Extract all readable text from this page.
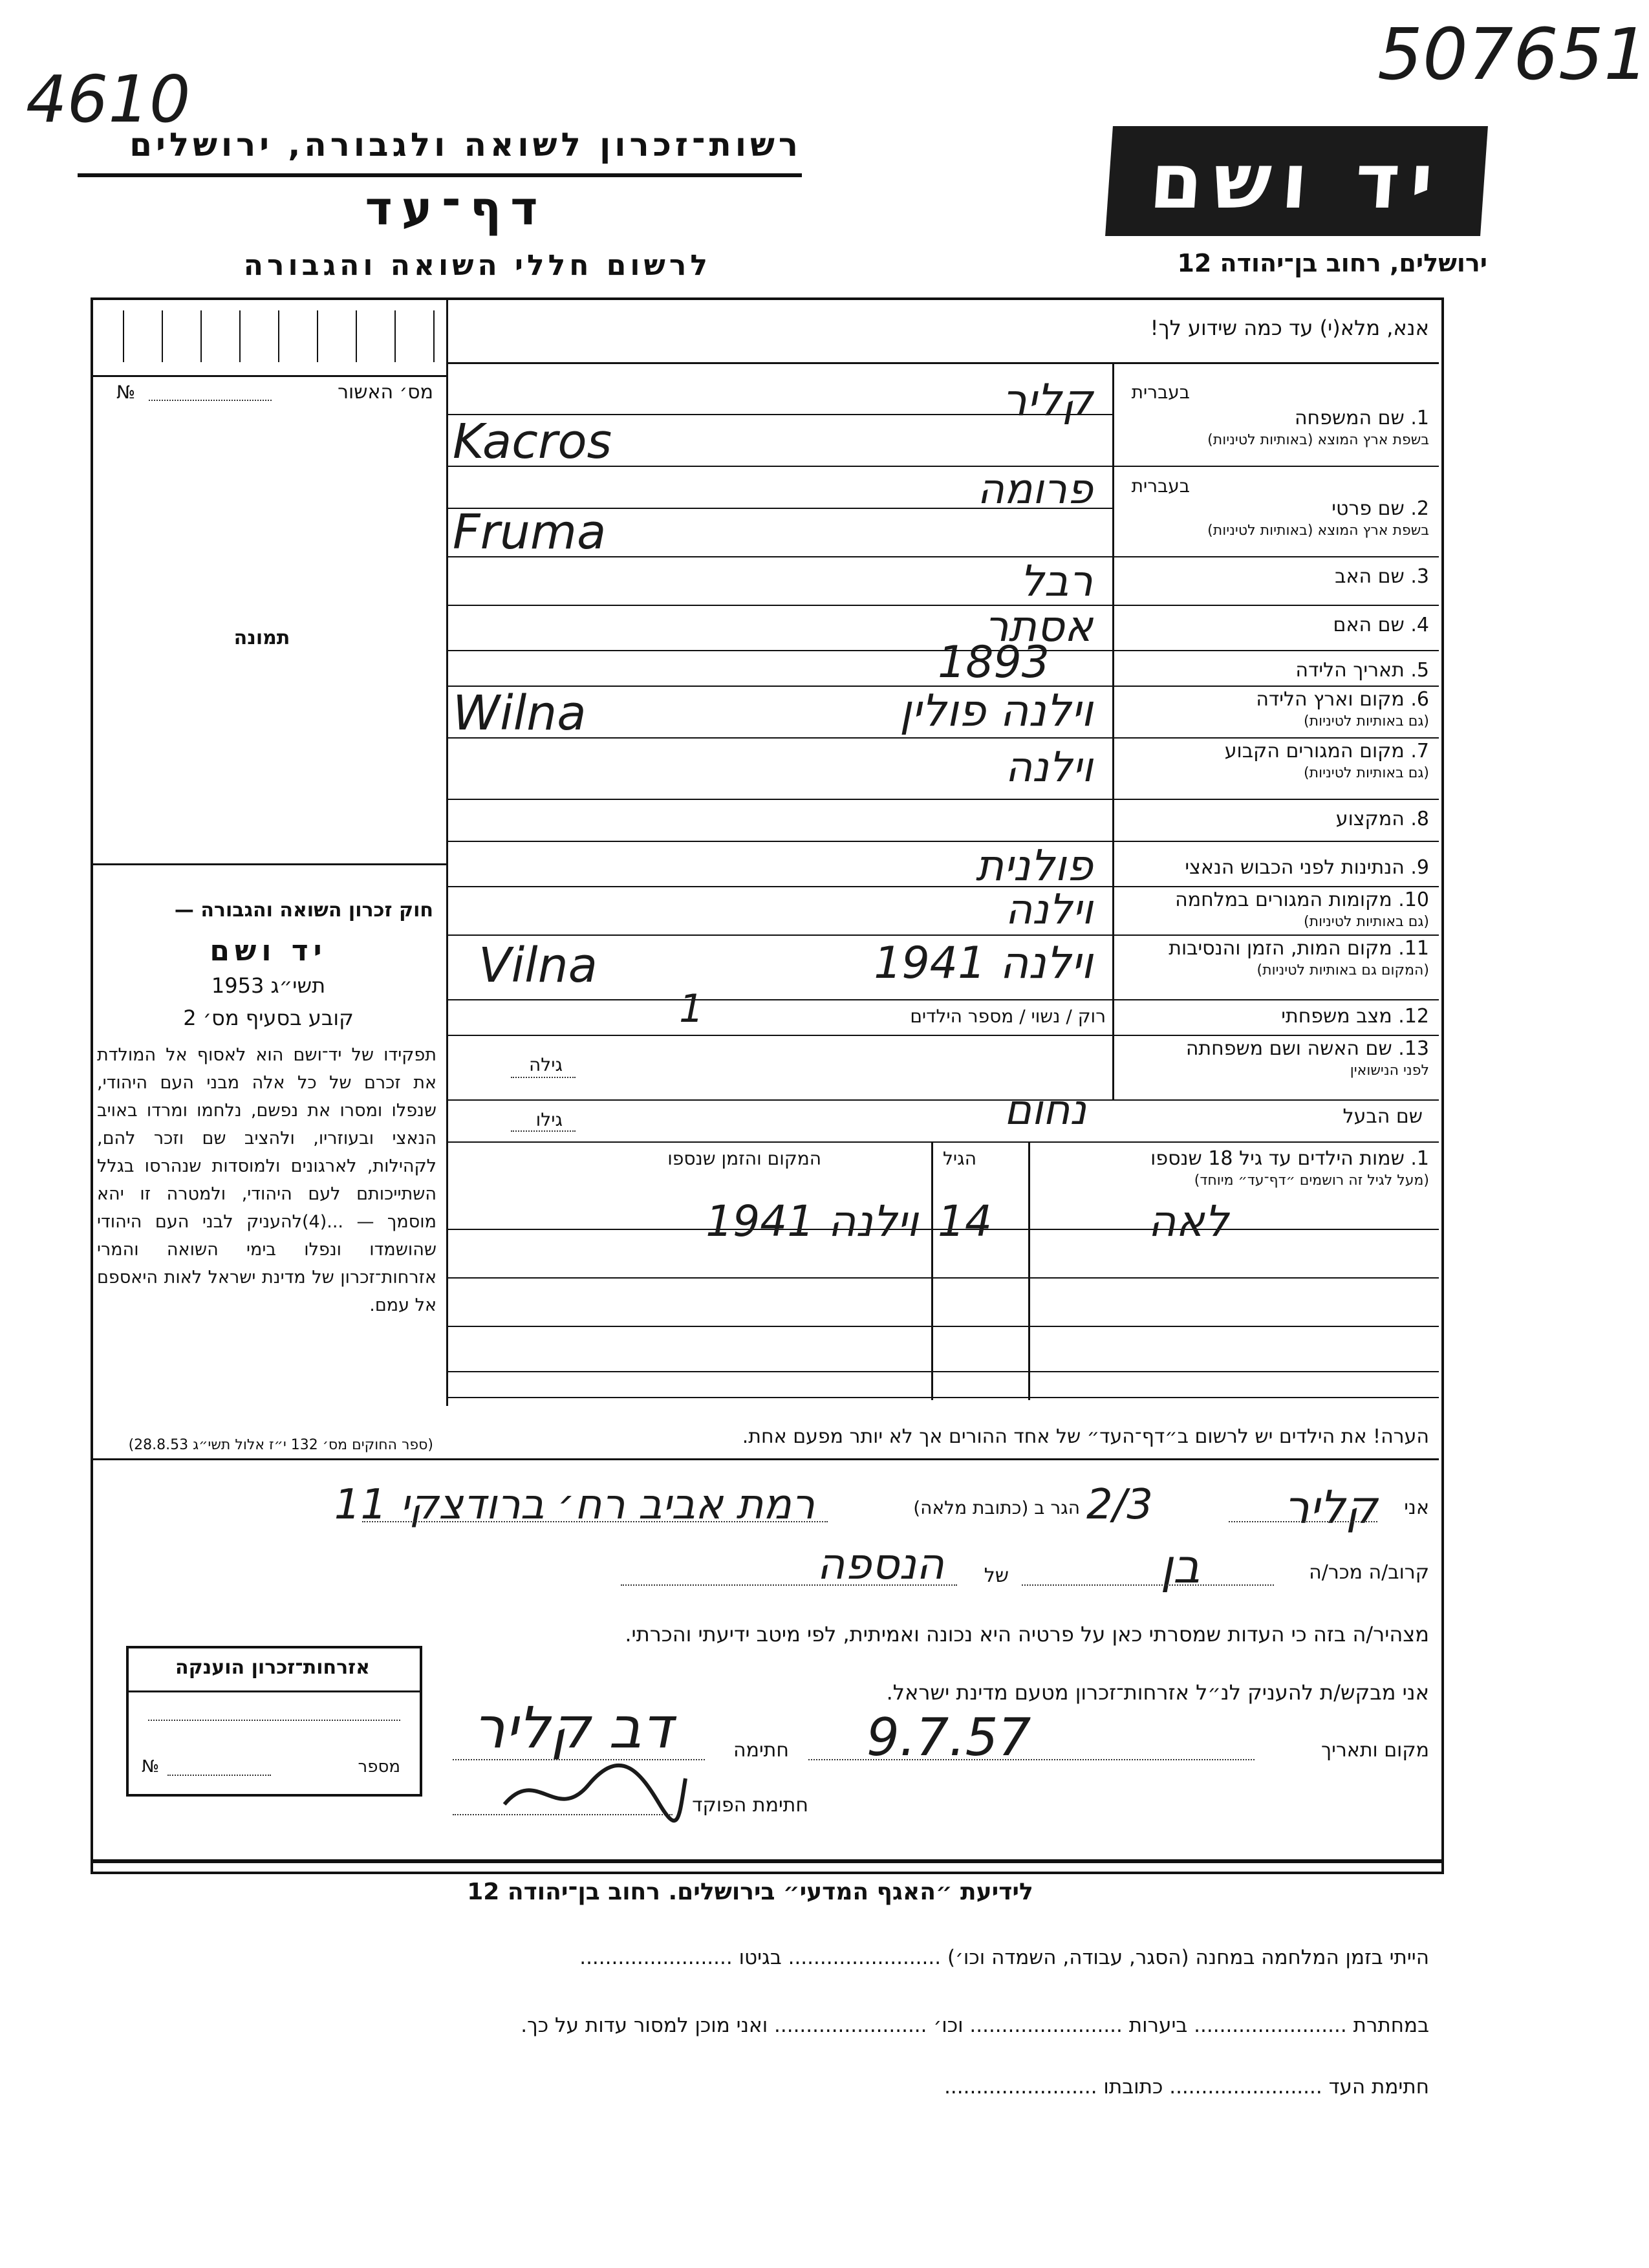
4610
507651
רשות־זכרון לשואה ולגבורה, ירושלים
דף־עד
לרשום חללי השואה והגבורה
יד ושם
ירושלים, רחוב בן־יהודה 12
מס׳ האשור
№
תמונה
אנא, מלא(י) עד כמה שידוע לך!
בעברית
1. שם המשפחה
בשפת ארץ המוצא (באותיות לטיניות)
קליר
Kacros
בעברית
2. שם פרטי
בשפת ארץ המוצא (באותיות לטיניות)
פרומה
Fruma
3. שם האב
רבל
4. שם האם
אסתר
5. תאריך הלידה
1893
6. מקום וארץ הלידה
(גם באותיות לטיניות)
וילנה פולין
Wilna
7. מקום המגורים הקבוע
(גם באותיות לטיניות)
וילנה
8. המקצוע
9. הנתינות לפני הכבוש הנאצי
פולנית
10. מקומות המגורים במלחמה
(גם באותיות לטיניות)
וילנה
11. מקום המות, הזמן והנסיבות
(המקום גם באותיות לטיניות)
וילנה 1941
Vilna
12. מצב משפחתי
רוק / נשוי / מספר הילדים
1
13. שם האשה ושם משפחתה
לפני הנישואין
גילה
שם הבעל
גילו	נחום
1. שמות הילדים עד גיל 18 שנספו
(מעל לגיל זה רושמים ״דף־עד״ מיוחד)
הגיל
המקום והזמן שנספו
לאה
14
וילנה 1941
הערה! את הילדים יש לרשום ב״דף־העד״ של אחד ההורים אך לא יותר מפעם אחת.
חוק זכרון השואה והגבורה —
יד ושם
תשי״ג 1953
קובע בסעיף מס׳ 2
תפקידו של יד־ושם הוא לאסוף אל המולדת את זכרם של כל אלה מבני העם היהודי, שנפלו ומסרו את נפשם, נלחמו ומרדו באויב הנאצי ובעוזריו, ולהציב שם וזכר להם, לקהילות, לארגונים ולמוסדות שנהרסו בגלל השתייכותם לעם היהודי, ולמטרה זו יהא מוסמך — ...(4)להעניק לבני העם היהודי שהושמדו ונפלו בימי השואה והמרי אזרחות־זכרון של מדינת ישראל לאות היאספם אל עמם.
(ספר החוקים מס׳ 132 י״ז אלול תשי״ג 28.8.53)
אני
קליר
2/3
הגר ב (כתובת מלאה)
רמת אביב רח׳ ברודצקי 11
קרוב/ה מכר/ה
בן
של
הנספה
מצהיר/ה בזה כי העדות שמסרתי כאן על פרטיה היא נכונה ואמיתית, לפי מיטב ידיעתי והכרתי.
אני מבקש/ת להעניק לנ״ל אזרחות־זכרון מטעם מדינת ישראל.
מקום ותאריך
9.7.57
חתימה
דב קליר
חתימת הפוקד
אזרחות־זכרון הוענקה
מספר
№
לידיעת ״האגף המדעי״ בירושלים. רחוב בן־יהודה 12
הייתי בזמן המלחמה במחנה (הסגר, עבודה, השמדה וכו׳) ........................ בגיטו ........................
במחתרת ........................ ביערות ........................ וכו׳ ........................ ואני מוכן למסור עדות על כך.
חתימת העד ........................ כתובתו ........................
